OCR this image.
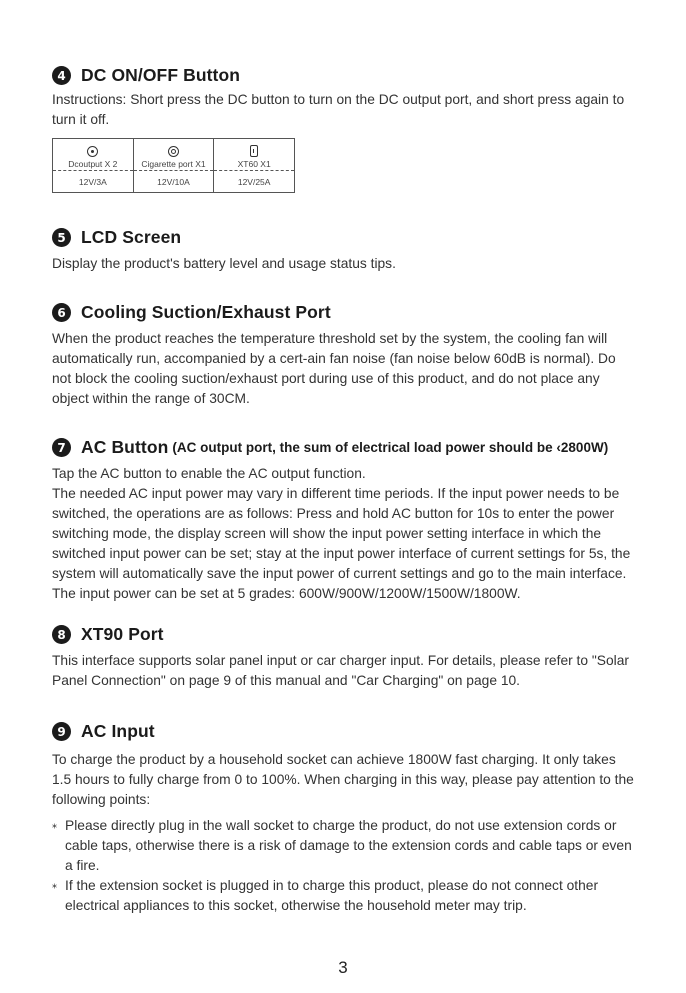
4 DC ON/OFF Button

Instructions: Short press the DC button to turn on the DC output port, and short press again to turn it off.

Dcoutput X 2	Cigarette port X1	XT60 X1
12V/3A	12V/10A	12V/25A
5 LCD Screen

Display the product's battery level and usage status tips.

6 Cooling Suction/Exhaust Port

When the product reaches the temperature threshold set by the system, the cooling fan will automatically run, accompanied by a cert-ain fan noise (fan noise below 60dB is normal). Do not block the cooling suction/exhaust port during use of this product, and do not place any object within the range of 30CM.

7 AC Button (AC output port, the sum of electrical load power should be ‹2800W)

Tap the AC button to enable the AC output function.

The needed AC input power may vary in different time periods. If the input power needs to be switched, the operations are as follows: Press and hold AC button for 10s to enter the power switching mode, the display screen will show the input power setting interface in which the switched input power can be set; stay at the input power interface of current settings for 5s, the system will automatically save the input power of current settings and go to the main interface. The input power can be set at 5 grades: 600W/900W/1200W/1500W/1800W.

8 XT90 Port

This interface supports solar panel input or car charger input. For details, please refer to "Solar Panel Connection" on page 9 of this manual and "Car Charging" on page 10.

9 AC Input

To charge the product by a household socket can achieve 1800W fast charging. It only takes 1.5 hours to fully charge from 0 to 100%. When charging in this way, please pay attention to the following points:

⁎ Please directly plug in the wall socket to charge the product, do not use extension cords or cable taps, otherwise there is a risk of damage to the extension cords and cable taps or even a fire.
⁎ If the extension socket is plugged in to charge this product, please do not connect other electrical appliances to this socket, otherwise the household meter may trip.
3
